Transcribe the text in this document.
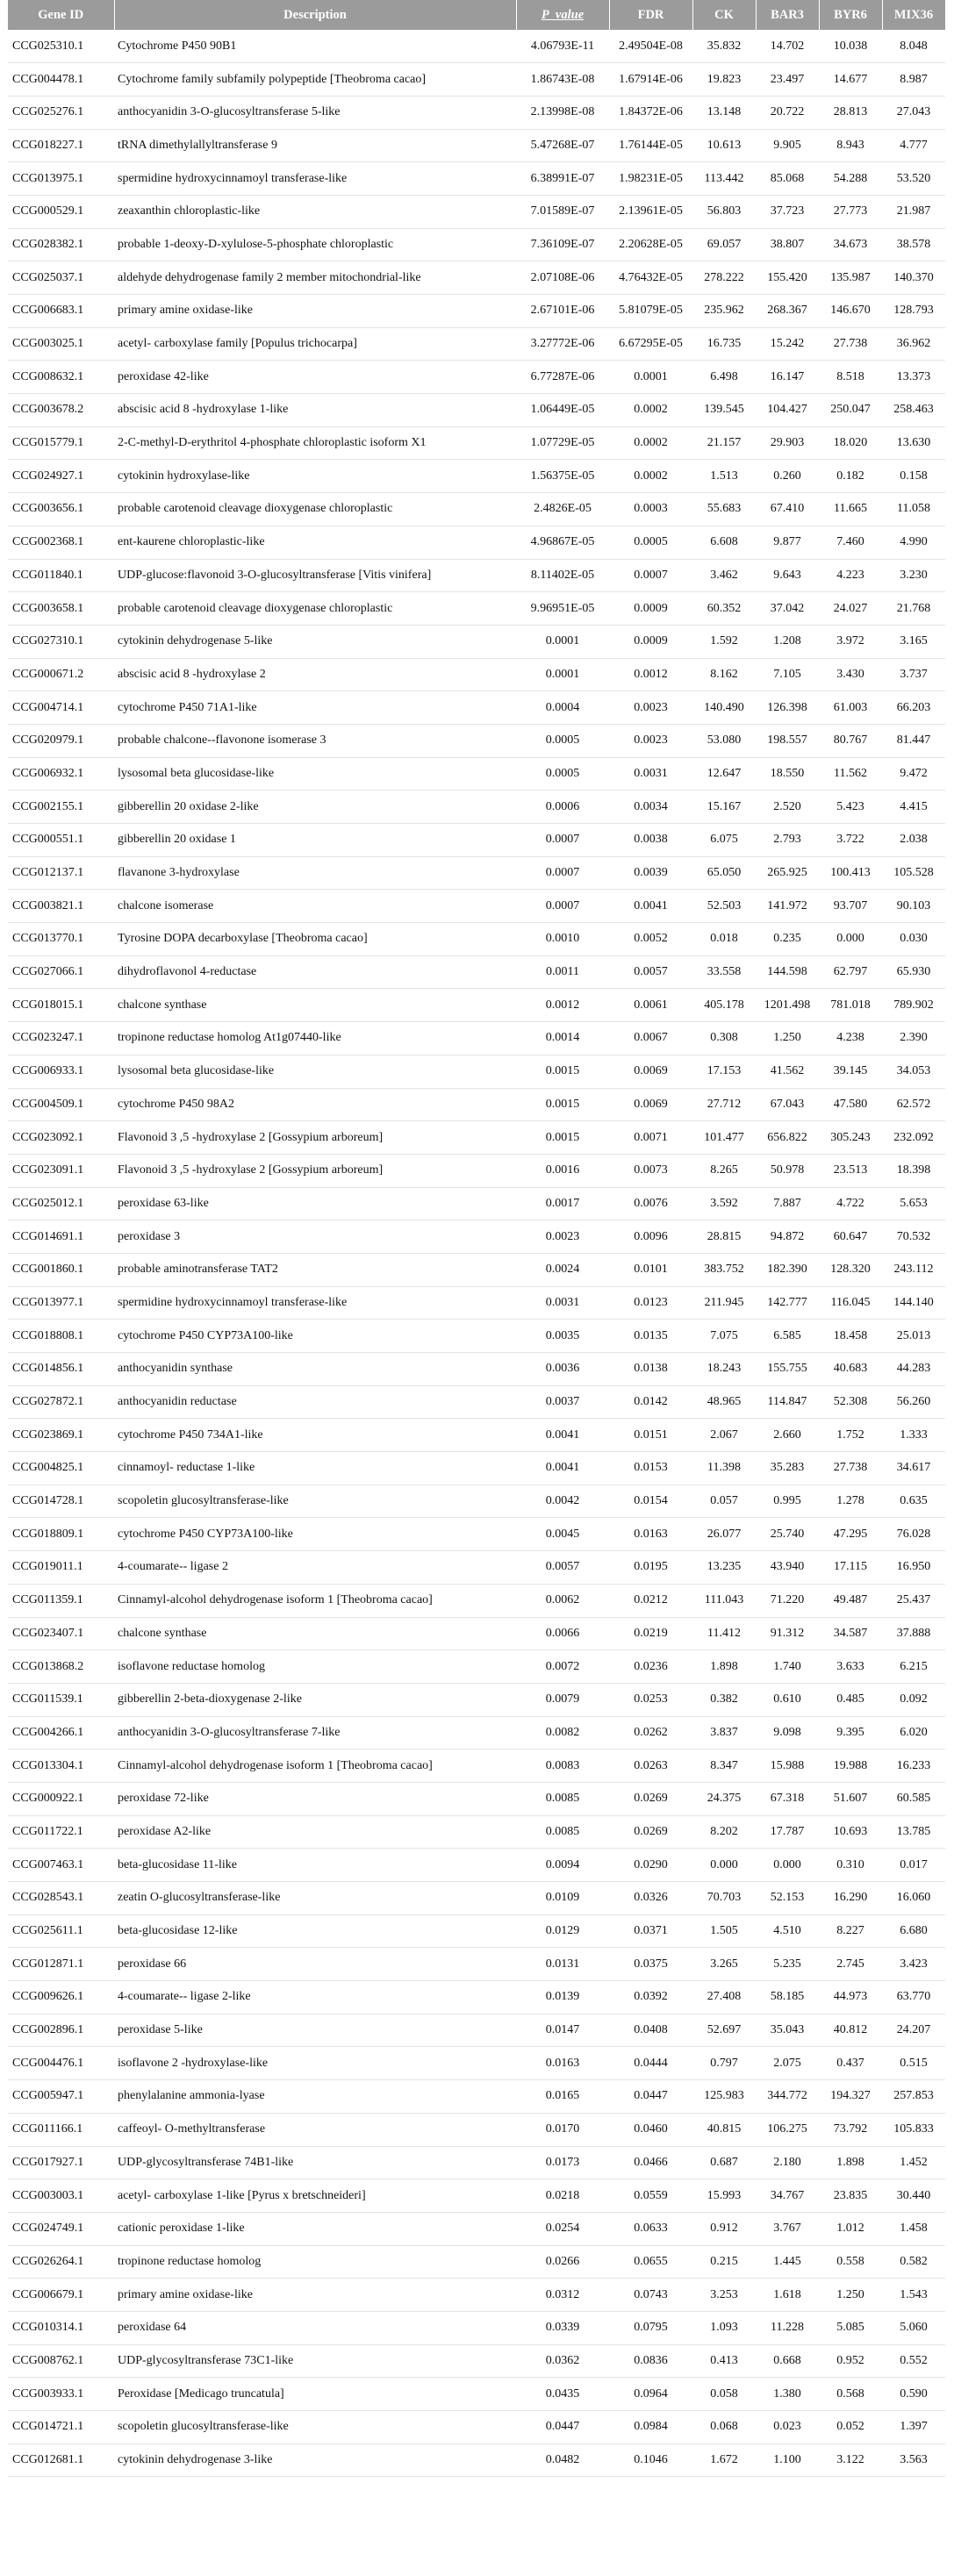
Gene ID	Description	P_value	FDR	CK	BAR3	BYR6	MIX36
CCG025310.1	Cytochrome P450 90B1	4.06793E-11	2.49504E-08	35.832	14.702	10.038	8.048
CCG004478.1	Cytochrome family subfamily polypeptide [Theobroma cacao]	1.86743E-08	1.67914E-06	19.823	23.497	14.677	8.987
CCG025276.1	anthocyanidin 3-O-glucosyltransferase 5-like	2.13998E-08	1.84372E-06	13.148	20.722	28.813	27.043
CCG018227.1	tRNA dimethylallyltransferase 9	5.47268E-07	1.76144E-05	10.613	9.905	8.943	4.777
CCG013975.1	spermidine hydroxycinnamoyl transferase-like	6.38991E-07	1.98231E-05	113.442	85.068	54.288	53.520
CCG000529.1	zeaxanthin chloroplastic-like	7.01589E-07	2.13961E-05	56.803	37.723	27.773	21.987
CCG028382.1	probable 1-deoxy-D-xylulose-5-phosphate chloroplastic	7.36109E-07	2.20628E-05	69.057	38.807	34.673	38.578
CCG025037.1	aldehyde dehydrogenase family 2 member mitochondrial-like	2.07108E-06	4.76432E-05	278.222	155.420	135.987	140.370
CCG006683.1	primary amine oxidase-like	2.67101E-06	5.81079E-05	235.962	268.367	146.670	128.793
CCG003025.1	acetyl- carboxylase family [Populus trichocarpa]	3.27772E-06	6.67295E-05	16.735	15.242	27.738	36.962
CCG008632.1	peroxidase 42-like	6.77287E-06	0.0001	6.498	16.147	8.518	13.373
CCG003678.2	abscisic acid 8 -hydroxylase 1-like	1.06449E-05	0.0002	139.545	104.427	250.047	258.463
CCG015779.1	2-C-methyl-D-erythritol 4-phosphate chloroplastic isoform X1	1.07729E-05	0.0002	21.157	29.903	18.020	13.630
CCG024927.1	cytokinin hydroxylase-like	1.56375E-05	0.0002	1.513	0.260	0.182	0.158
CCG003656.1	probable carotenoid cleavage dioxygenase chloroplastic	2.4826E-05	0.0003	55.683	67.410	11.665	11.058
CCG002368.1	ent-kaurene chloroplastic-like	4.96867E-05	0.0005	6.608	9.877	7.460	4.990
CCG011840.1	UDP-glucose:flavonoid 3-O-glucosyltransferase [Vitis vinifera]	8.11402E-05	0.0007	3.462	9.643	4.223	3.230
CCG003658.1	probable carotenoid cleavage dioxygenase chloroplastic	9.96951E-05	0.0009	60.352	37.042	24.027	21.768
CCG027310.1	cytokinin dehydrogenase 5-like	0.0001	0.0009	1.592	1.208	3.972	3.165
CCG000671.2	abscisic acid 8 -hydroxylase 2	0.0001	0.0012	8.162	7.105	3.430	3.737
CCG004714.1	cytochrome P450 71A1-like	0.0004	0.0023	140.490	126.398	61.003	66.203
CCG020979.1	probable chalcone--flavonone isomerase 3	0.0005	0.0023	53.080	198.557	80.767	81.447
CCG006932.1	lysosomal beta glucosidase-like	0.0005	0.0031	12.647	18.550	11.562	9.472
CCG002155.1	gibberellin 20 oxidase 2-like	0.0006	0.0034	15.167	2.520	5.423	4.415
CCG000551.1	gibberellin 20 oxidase 1	0.0007	0.0038	6.075	2.793	3.722	2.038
CCG012137.1	flavanone 3-hydroxylase	0.0007	0.0039	65.050	265.925	100.413	105.528
CCG003821.1	chalcone isomerase	0.0007	0.0041	52.503	141.972	93.707	90.103
CCG013770.1	Tyrosine DOPA decarboxylase [Theobroma cacao]	0.0010	0.0052	0.018	0.235	0.000	0.030
CCG027066.1	dihydroflavonol 4-reductase	0.0011	0.0057	33.558	144.598	62.797	65.930
CCG018015.1	chalcone synthase	0.0012	0.0061	405.178	1201.498	781.018	789.902
CCG023247.1	tropinone reductase homolog At1g07440-like	0.0014	0.0067	0.308	1.250	4.238	2.390
CCG006933.1	lysosomal beta glucosidase-like	0.0015	0.0069	17.153	41.562	39.145	34.053
CCG004509.1	cytochrome P450 98A2	0.0015	0.0069	27.712	67.043	47.580	62.572
CCG023092.1	Flavonoid 3 ,5 -hydroxylase 2 [Gossypium arboreum]	0.0015	0.0071	101.477	656.822	305.243	232.092
CCG023091.1	Flavonoid 3 ,5 -hydroxylase 2 [Gossypium arboreum]	0.0016	0.0073	8.265	50.978	23.513	18.398
CCG025012.1	peroxidase 63-like	0.0017	0.0076	3.592	7.887	4.722	5.653
CCG014691.1	peroxidase 3	0.0023	0.0096	28.815	94.872	60.647	70.532
CCG001860.1	probable aminotransferase TAT2	0.0024	0.0101	383.752	182.390	128.320	243.112
CCG013977.1	spermidine hydroxycinnamoyl transferase-like	0.0031	0.0123	211.945	142.777	116.045	144.140
CCG018808.1	cytochrome P450 CYP73A100-like	0.0035	0.0135	7.075	6.585	18.458	25.013
CCG014856.1	anthocyanidin synthase	0.0036	0.0138	18.243	155.755	40.683	44.283
CCG027872.1	anthocyanidin reductase	0.0037	0.0142	48.965	114.847	52.308	56.260
CCG023869.1	cytochrome P450 734A1-like	0.0041	0.0151	2.067	2.660	1.752	1.333
CCG004825.1	cinnamoyl- reductase 1-like	0.0041	0.0153	11.398	35.283	27.738	34.617
CCG014728.1	scopoletin glucosyltransferase-like	0.0042	0.0154	0.057	0.995	1.278	0.635
CCG018809.1	cytochrome P450 CYP73A100-like	0.0045	0.0163	26.077	25.740	47.295	76.028
CCG019011.1	4-coumarate-- ligase 2	0.0057	0.0195	13.235	43.940	17.115	16.950
CCG011359.1	Cinnamyl-alcohol dehydrogenase isoform 1 [Theobroma cacao]	0.0062	0.0212	111.043	71.220	49.487	25.437
CCG023407.1	chalcone synthase	0.0066	0.0219	11.412	91.312	34.587	37.888
CCG013868.2	isoflavone reductase homolog	0.0072	0.0236	1.898	1.740	3.633	6.215
CCG011539.1	gibberellin 2-beta-dioxygenase 2-like	0.0079	0.0253	0.382	0.610	0.485	0.092
CCG004266.1	anthocyanidin 3-O-glucosyltransferase 7-like	0.0082	0.0262	3.837	9.098	9.395	6.020
CCG013304.1	Cinnamyl-alcohol dehydrogenase isoform 1 [Theobroma cacao]	0.0083	0.0263	8.347	15.988	19.988	16.233
CCG000922.1	peroxidase 72-like	0.0085	0.0269	24.375	67.318	51.607	60.585
CCG011722.1	peroxidase A2-like	0.0085	0.0269	8.202	17.787	10.693	13.785
CCG007463.1	beta-glucosidase 11-like	0.0094	0.0290	0.000	0.000	0.310	0.017
CCG028543.1	zeatin O-glucosyltransferase-like	0.0109	0.0326	70.703	52.153	16.290	16.060
CCG025611.1	beta-glucosidase 12-like	0.0129	0.0371	1.505	4.510	8.227	6.680
CCG012871.1	peroxidase 66	0.0131	0.0375	3.265	5.235	2.745	3.423
CCG009626.1	4-coumarate-- ligase 2-like	0.0139	0.0392	27.408	58.185	44.973	63.770
CCG002896.1	peroxidase 5-like	0.0147	0.0408	52.697	35.043	40.812	24.207
CCG004476.1	isoflavone 2 -hydroxylase-like	0.0163	0.0444	0.797	2.075	0.437	0.515
CCG005947.1	phenylalanine ammonia-lyase	0.0165	0.0447	125.983	344.772	194.327	257.853
CCG011166.1	caffeoyl- O-methyltransferase	0.0170	0.0460	40.815	106.275	73.792	105.833
CCG017927.1	UDP-glycosyltransferase 74B1-like	0.0173	0.0466	0.687	2.180	1.898	1.452
CCG003003.1	acetyl- carboxylase 1-like [Pyrus x bretschneideri]	0.0218	0.0559	15.993	34.767	23.835	30.440
CCG024749.1	cationic peroxidase 1-like	0.0254	0.0633	0.912	3.767	1.012	1.458
CCG026264.1	tropinone reductase homolog	0.0266	0.0655	0.215	1.445	0.558	0.582
CCG006679.1	primary amine oxidase-like	0.0312	0.0743	3.253	1.618	1.250	1.543
CCG010314.1	peroxidase 64	0.0339	0.0795	1.093	11.228	5.085	5.060
CCG008762.1	UDP-glycosyltransferase 73C1-like	0.0362	0.0836	0.413	0.668	0.952	0.552
CCG003933.1	Peroxidase [Medicago truncatula]	0.0435	0.0964	0.058	1.380	0.568	0.590
CCG014721.1	scopoletin glucosyltransferase-like	0.0447	0.0984	0.068	0.023	0.052	1.397
CCG012681.1	cytokinin dehydrogenase 3-like	0.0482	0.1046	1.672	1.100	3.122	3.563
